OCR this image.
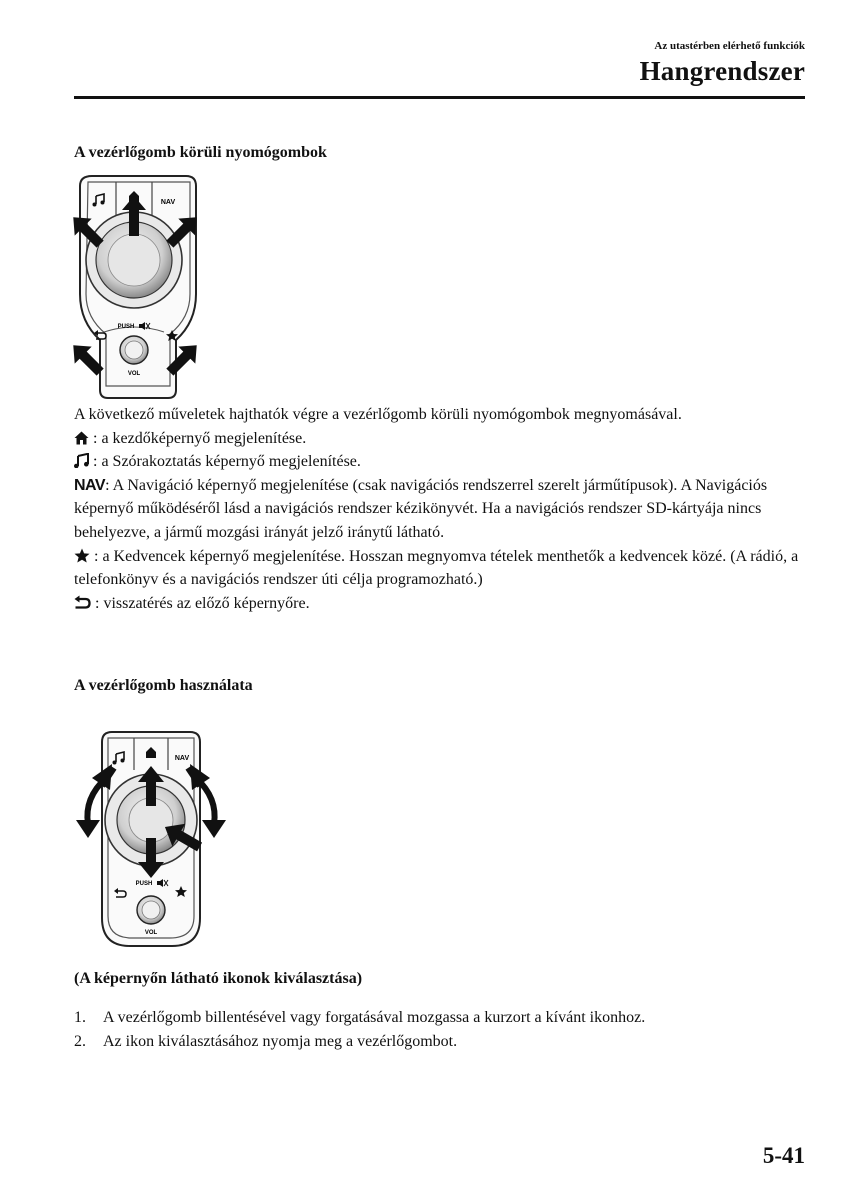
Az utastérben elérhető funkciók
Hangrendszer
A vezérlőgomb körüli nyomógombok
NAV
PUSH
VOL

A következő műveletek hajthatók végre a vezérlőgomb körüli nyomógombok megnyomásával.

: a kezdőképernyő megjelenítése.

: a Szórakoztatás képernyő megjelenítése.

NAV: A Navigáció képernyő megjelenítése (csak navigációs rendszerrel szerelt járműtípusok). A Navigációs képernyő működéséről lásd a navigációs rendszer kézikönyvét. Ha a navigációs rendszer SD-kártyája nincs behelyezve, a jármű mozgási irányát jelző iránytű látható.

: a Kedvencek képernyő megjelenítése. Hosszan megnyomva tételek menthetők a kedvencek közé. (A rádió, a telefonkönyv és a navigációs rendszer úti célja programozható.)

: visszatérés az előző képernyőre.

A vezérlőgomb használata
NAV
PUSH
VOL
(A képernyőn látható ikonok kiválasztása)
1.	A vezérlőgomb billentésével vagy forgatásával mozgassa a kurzort a kívánt ikonhoz.
2.	Az ikon kiválasztásához nyomja meg a vezérlőgombot.
5-41
